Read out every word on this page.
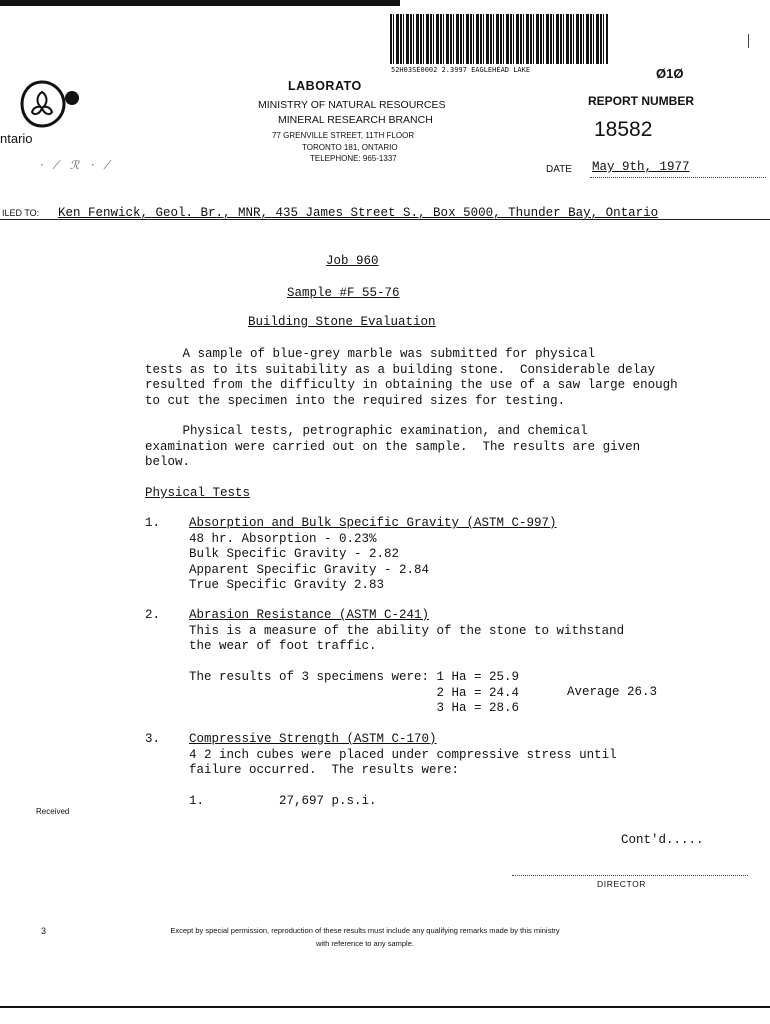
52H03SE0002 2.3997 EAGLEHEAD LAKE
ntario
· ⁄ ℛ · ⁄
LABORATO
MINISTRY OF NATURAL RESOURCES
MINERAL RESEARCH BRANCH
77 GRENVILLE STREET, 11TH FLOOR
TORONTO 181, ONTARIO
TELEPHONE: 965-1337
Ø1Ø
REPORT NUMBER
18582
DATE May 9th, 1977
ILED TO: Ken Fenwick, Geol. Br., MNR, 435 James Street S., Box 5000, Thunder Bay, Ontario
Job 960
Sample #F 55-76
Building Stone Evaluation
A sample of blue-grey marble was submitted for physical
tests as to its suitability as a building stone.  Considerable delay
resulted from the difficulty in obtaining the use of a saw large enough
to cut the specimen into the required sizes for testing.
Physical tests, petrographic examination, and chemical
examination were carried out on the sample.  The results are given
below.
Physical Tests
1. Absorption and Bulk Specific Gravity (ASTM C-997)
48 hr. Absorption - 0.23%
Bulk Specific Gravity - 2.82
Apparent Specific Gravity - 2.84
True Specific Gravity 2.83
2. Abrasion Resistance (ASTM C-241)
This is a measure of the ability of the stone to withstand
the wear of foot traffic.
The results of 3 specimens were: 1 Ha = 25.9
2 Ha = 24.4
3 Ha = 28.6
Average 26.3
3. Compressive Strength (ASTM C-170)
4 2 inch cubes were placed under compressive stress until
failure occurred.  The results were:
1.          27,697 p.s.i.
Received
Cont'd.....
DIRECTOR
3	Except by special permission, reproduction of these results must include any qualifying remarks made by this ministry with reference to any sample.
